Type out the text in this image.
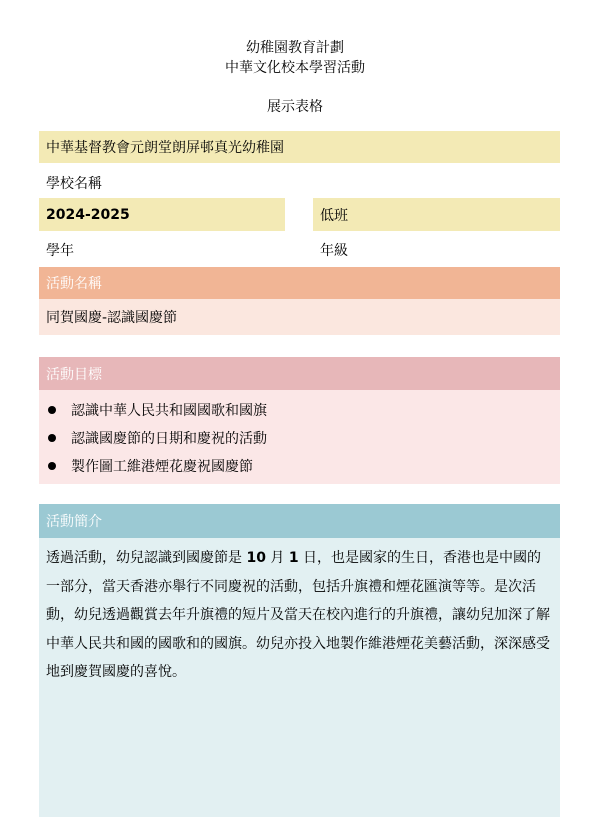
幼稚園教育計劃
中華文化校本學習活動
展示表格
中華基督教會元朗堂朗屏邨真光幼稚園
學校名稱
2024-2025	低班
學年	年級
活動名稱
同賀國慶-認識國慶節
活動目標
認識中華人民共和國國歌和國旗
認識國慶節的日期和慶祝的活動
製作圖工維港煙花慶祝國慶節
活動簡介
透過活動，幼兒認識到國慶節是 10 月 1 日，也是國家的生日，香港也是中國的一部分，當天香港亦舉行不同慶祝的活動，包括升旗禮和煙花匯演等等。是次活動，幼兒透過觀賞去年升旗禮的短片及當天在校內進行的升旗禮，讓幼兒加深了解中華人民共和國的國歌和的國旗。幼兒亦投入地製作維港煙花美藝活動，深深感受地到慶賀國慶的喜悅。
